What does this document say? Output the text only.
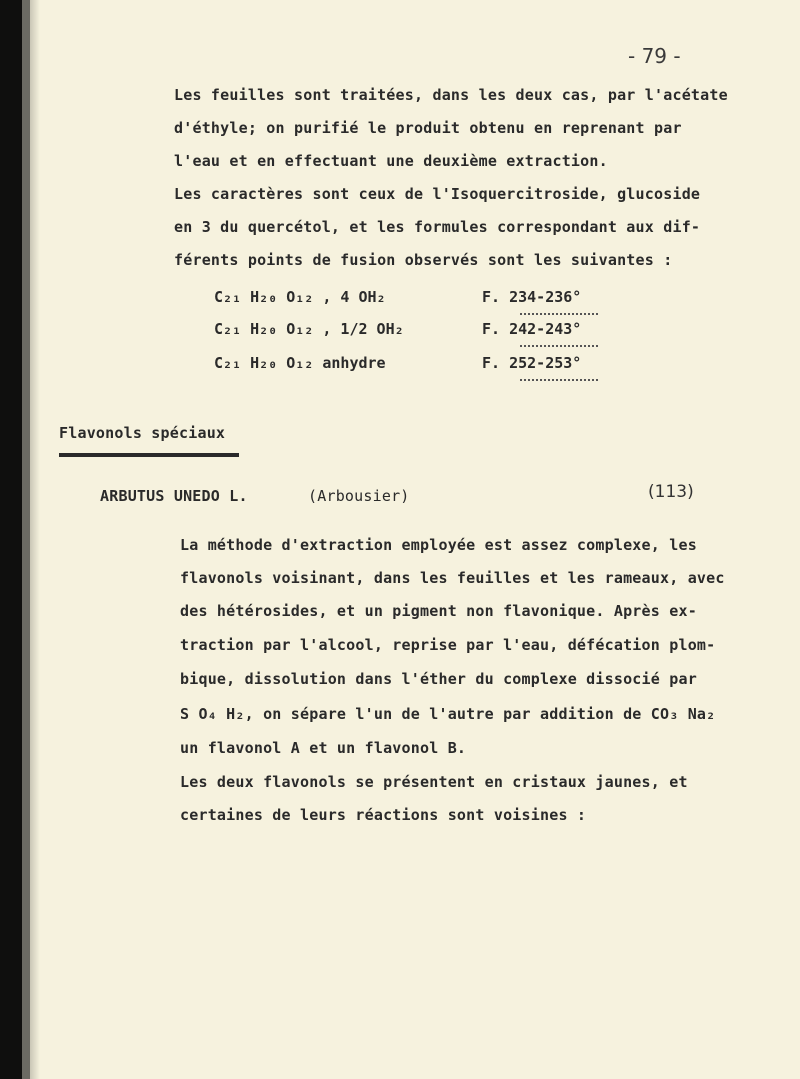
- 79 -
Les feuilles sont traitées, dans les deux cas, par l'acétate
d'éthyle; on purifié le produit obtenu en reprenant par
l'eau et en effectuant une deuxième extraction.
Les caractères sont ceux de l'Isoquercitroside, glucoside
en 3 du quercétol, et les formules correspondant aux dif-
férents points de fusion observés sont les suivantes :
C₂₁ H₂₀ O₁₂ , 4 OH₂	F. 234-236°
C₂₁ H₂₀ O₁₂ , 1/2 OH₂	F. 242-243°
C₂₁ H₂₀ O₁₂ anhydre	F. 252-253°
Flavonols spéciaux
ARBUTUS UNEDO L.	(Arbousier)	(113)
La méthode d'extraction employée est assez complexe, les
flavonols voisinant, dans les feuilles et les rameaux, avec
des hétérosides, et un pigment non flavonique. Après ex-
traction par l'alcool, reprise par l'eau, défécation plom-
bique, dissolution dans l'éther du complexe dissocié par
S O₄ H₂, on sépare l'un de l'autre par addition de CO₃ Na₂
un flavonol A et un flavonol B.
Les deux flavonols se présentent en cristaux jaunes, et
certaines de leurs réactions sont voisines :
